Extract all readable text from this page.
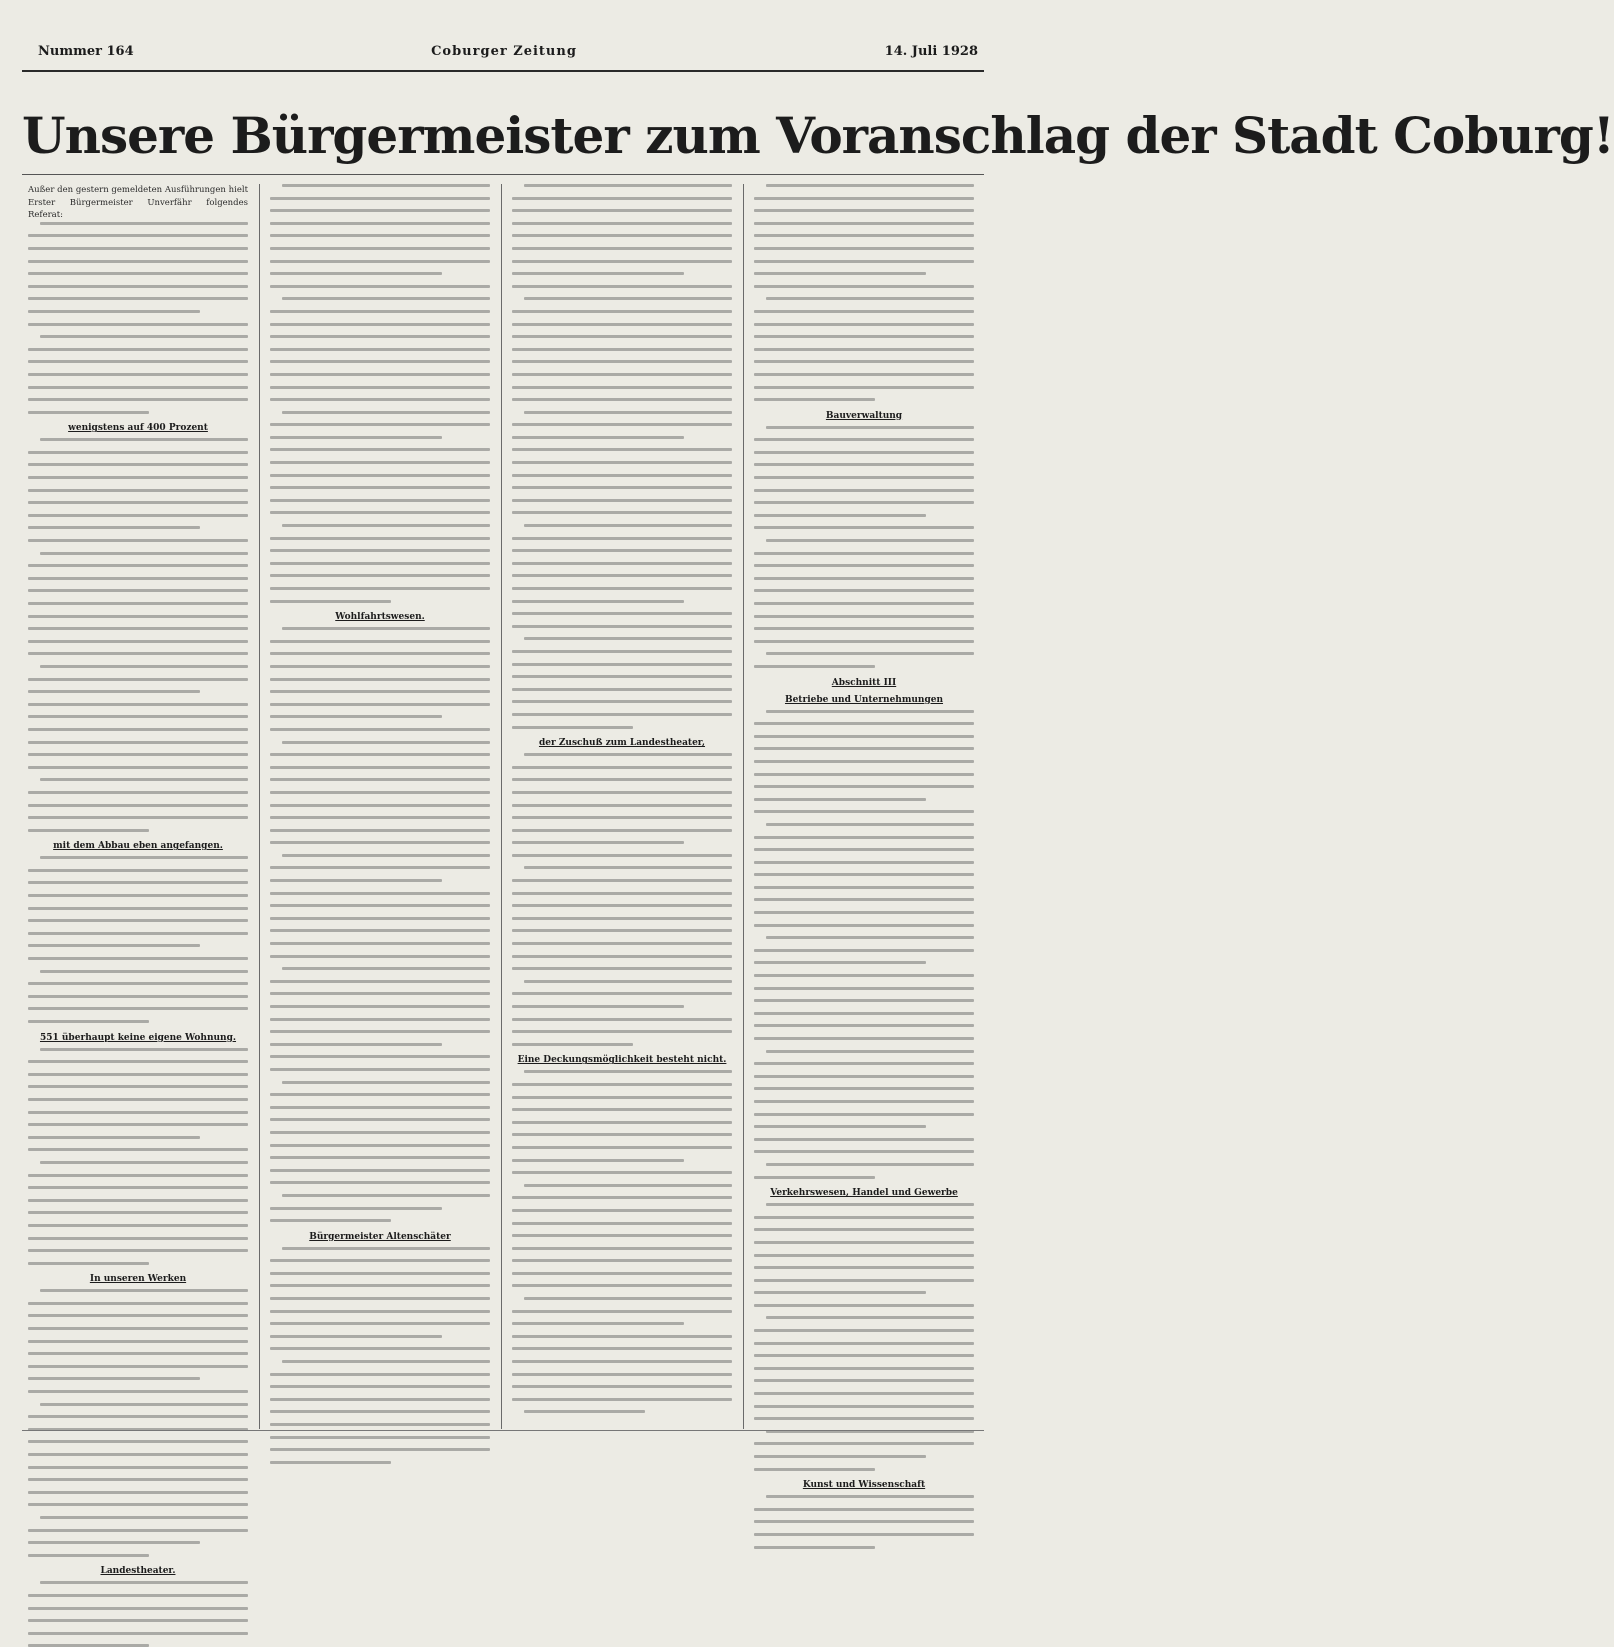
Nummer 164	Coburger Zeitung	14. Juli 1928
Unsere Bürgermeister zum Voranschlag der Stadt Coburg!
Außer den gestern gemeldeten Ausführungen hielt Erster Bürgermeister Unverfähr folgendes Referat:
wenigstens auf 400 Prozent
mit dem Abbau eben angefangen.
551 überhaupt keine eigene Wohnung.
In unseren Werken
Landestheater.
Wohlfahrtswesen.
Bürgermeister Altenschäter
der Zuschuß zum Landestheater,
Eine Deckungsmöglichkeit besteht nicht.
Bauverwaltung
Abschnitt III
Betriebe und Unternehmungen
Verkehrswesen, Handel und Gewerbe
Kunst und Wissenschaft
